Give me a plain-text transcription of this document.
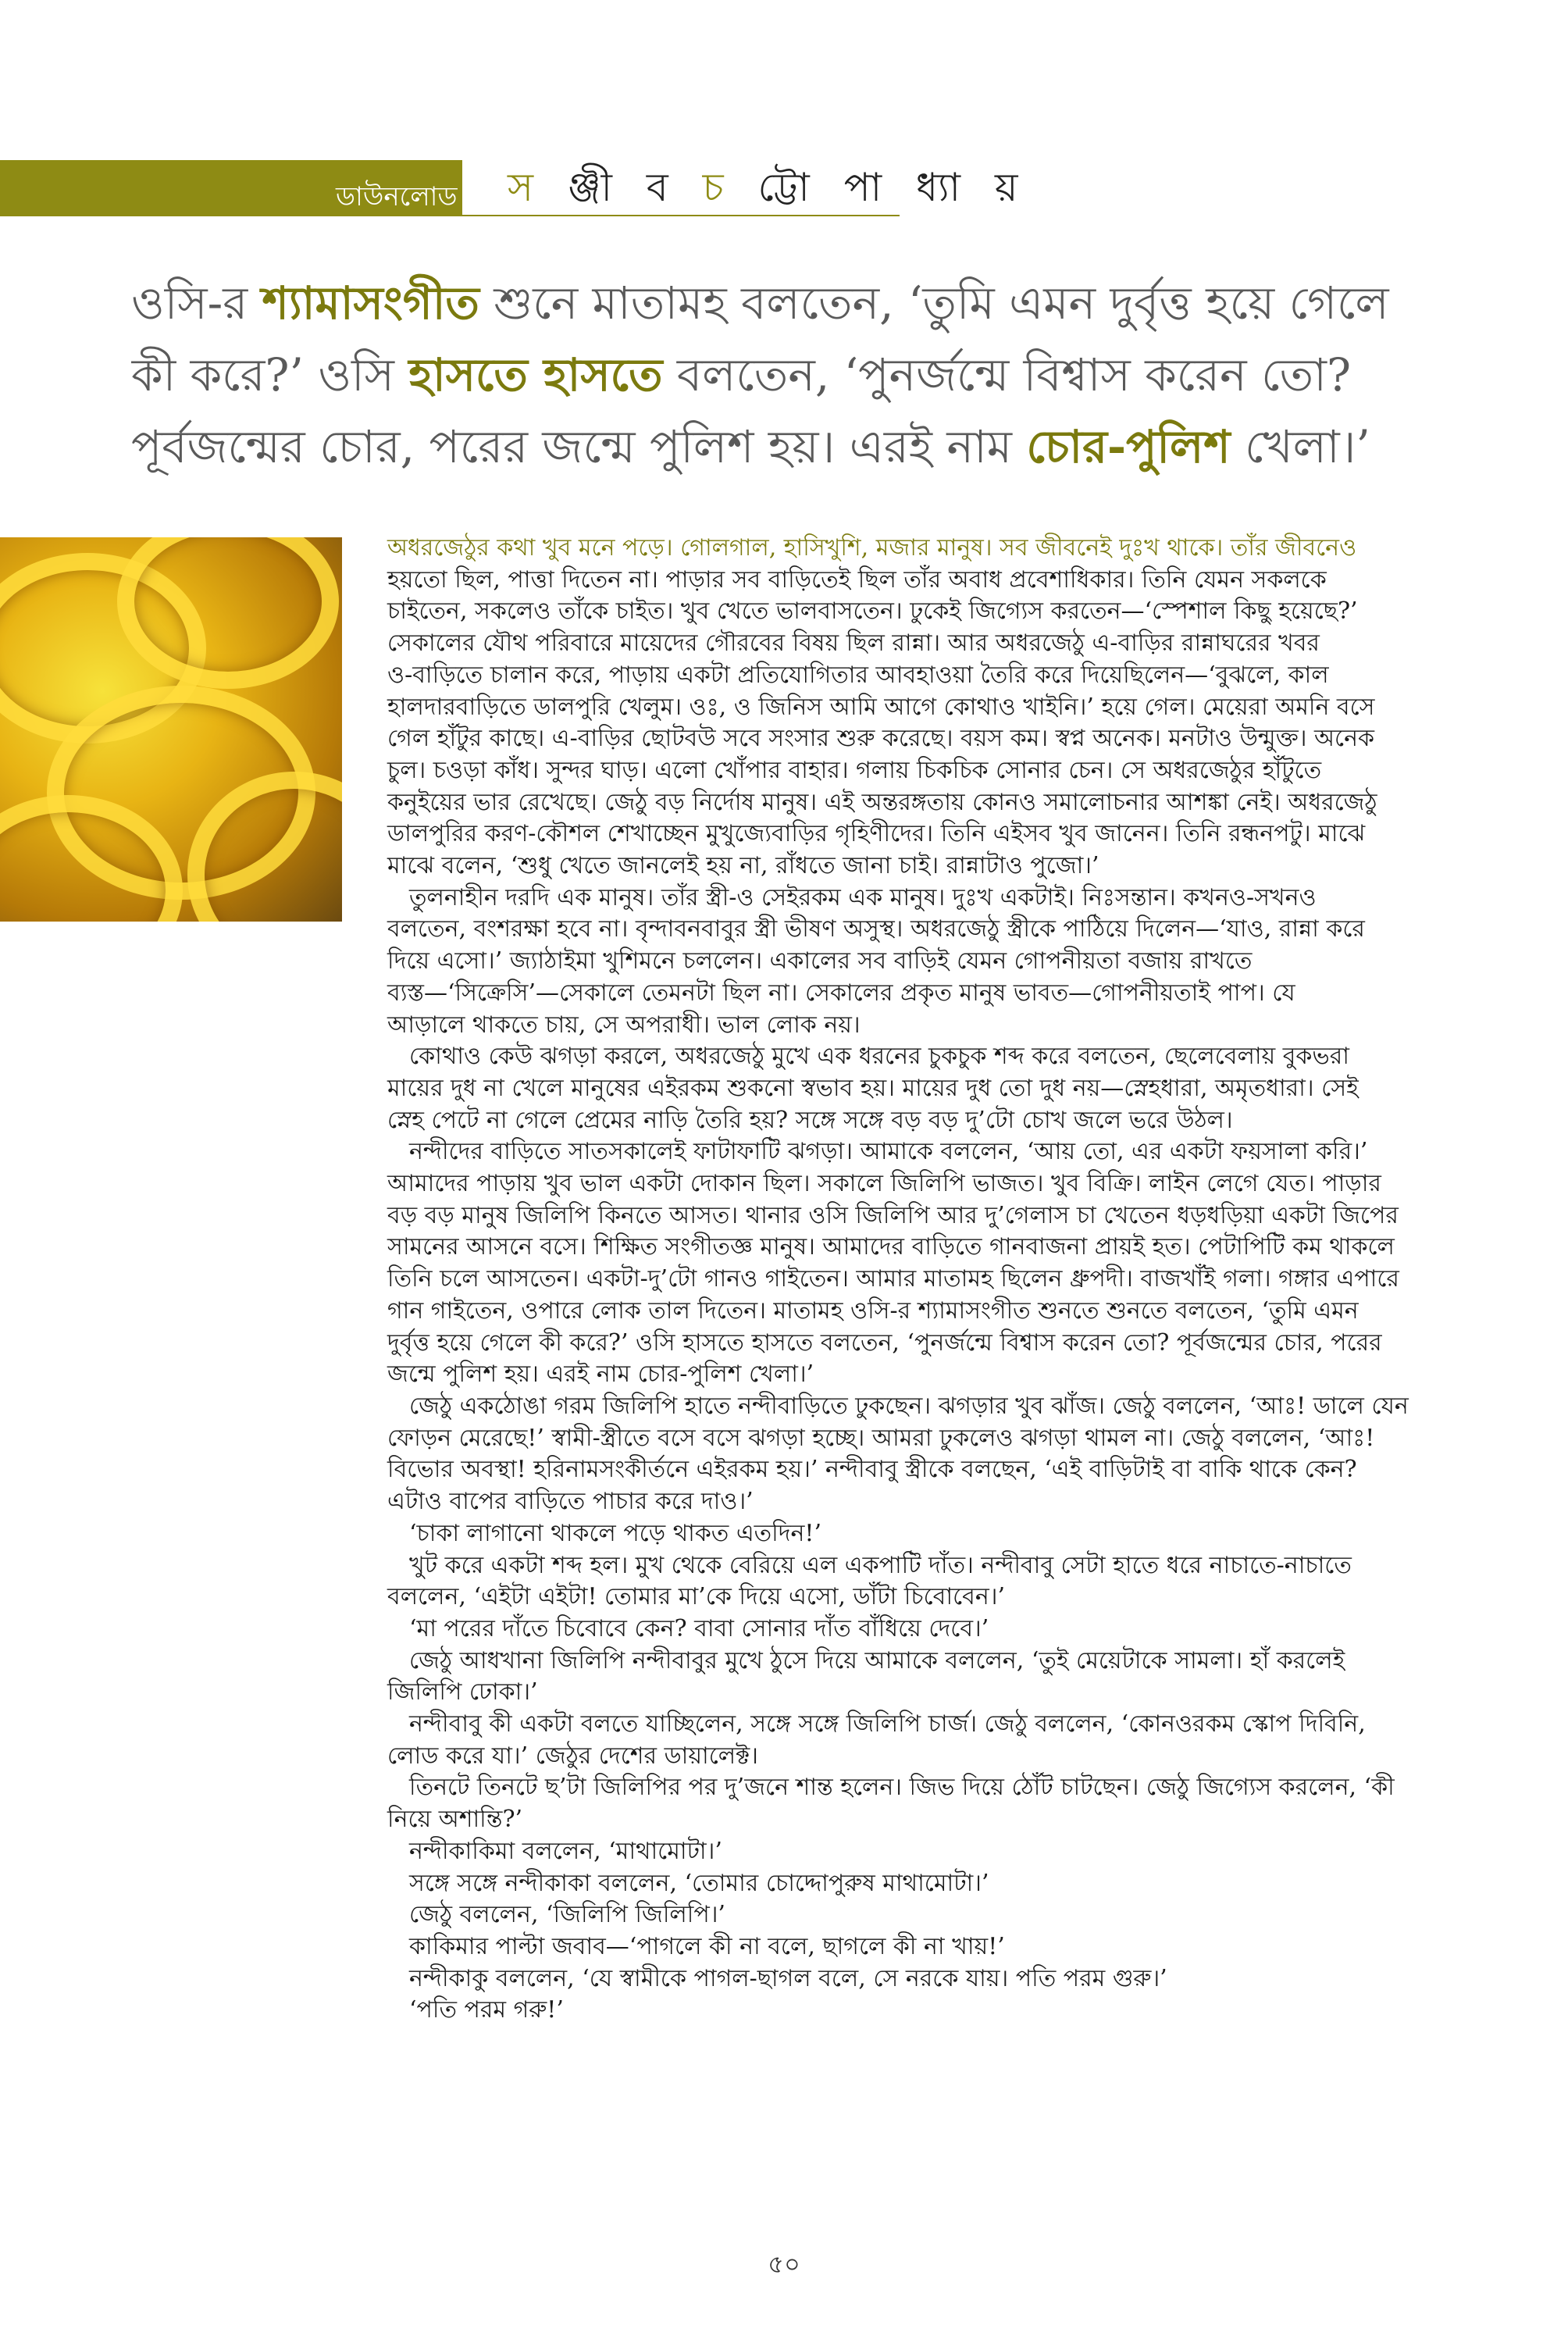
ডাউনলোড স ঞ্জী ব চ ট্টো পা ধ্যা য়
ওসি-র শ্যামাসংগীত শুনে মাতামহ বলতেন, ‘তুমি এমন দুর্বৃত্ত হয়ে গেলে
কী করে?’ ওসি হাসতে হাসতে বলতেন, ‘পুনর্জন্মে বিশ্বাস করেন তো?
পূর্বজন্মের চোর, পরের জন্মে পুলিশ হয়। এরই নাম চোর-পুলিশ খেলা।’
অধরজেঠুর কথা খুব মনে পড়ে। গোলগাল, হাসিখুশি, মজার মানুষ। সব জীবনেই দুঃখ থাকে। তাঁর জীবনেও
হয়তো ছিল, পাত্তা দিতেন না। পাড়ার সব বাড়িতেই ছিল তাঁর অবাধ প্রবেশাধিকার। তিনি যেমন সকলকে
চাইতেন, সকলেও তাঁকে চাইত। খুব খেতে ভালবাসতেন। ঢুকেই জিগ্যেস করতেন—‘স্পেশাল কিছু হয়েছে?’
সেকালের যৌথ পরিবারে মায়েদের গৌরবের বিষয় ছিল রান্না। আর অধরজেঠু এ-বাড়ির রান্নাঘরের খবর
ও-বাড়িতে চালান করে, পাড়ায় একটা প্রতিযোগিতার আবহাওয়া তৈরি করে দিয়েছিলেন—‘বুঝলে, কাল
হালদারবাড়িতে ডালপুরি খেলুম। ওঃ, ও জিনিস আমি আগে কোথাও খাইনি।’ হয়ে গেল। মেয়েরা অমনি বসে
গেল হাঁটুর কাছে। এ-বাড়ির ছোটবউ সবে সংসার শুরু করেছে। বয়স কম। স্বপ্ন অনেক। মনটাও উন্মুক্ত। অনেক
চুল। চওড়া কাঁধ। সুন্দর ঘাড়। এলো খোঁপার বাহার। গলায় চিকচিক সোনার চেন। সে অধরজেঠুর হাঁটুতে
কনুইয়ের ভার রেখেছে। জেঠু বড় নির্দোষ মানুষ। এই অন্তরঙ্গতায় কোনও সমালোচনার আশঙ্কা নেই। অধরজেঠু
ডালপুরির করণ-কৌশল শেখাচ্ছেন মুখুজ্যেবাড়ির গৃহিণীদের। তিনি এইসব খুব জানেন। তিনি রন্ধনপটু। মাঝে
মাঝে বলেন, ‘শুধু খেতে জানলেই হয় না, রাঁধতে জানা চাই। রান্নাটাও পুজো।’
তুলনাহীন দরদি এক মানুষ। তাঁর স্ত্রী-ও সেইরকম এক মানুষ। দুঃখ একটাই। নিঃসন্তান। কখনও-সখনও
বলতেন, বংশরক্ষা হবে না। বৃন্দাবনবাবুর স্ত্রী ভীষণ অসুস্থ। অধরজেঠু স্ত্রীকে পাঠিয়ে দিলেন—‘যাও, রান্না করে
দিয়ে এসো।’ জ্যাঠাইমা খুশিমনে চললেন। একালের সব বাড়িই যেমন গোপনীয়তা বজায় রাখতে
ব্যস্ত—‘সিক্রেসি’—সেকালে তেমনটা ছিল না। সেকালের প্রকৃত মানুষ ভাবত—গোপনীয়তাই পাপ। যে
আড়ালে থাকতে চায়, সে অপরাধী। ভাল লোক নয়।
কোথাও কেউ ঝগড়া করলে, অধরজেঠু মুখে এক ধরনের চুকচুক শব্দ করে বলতেন, ছেলেবেলায় বুকভরা
মায়ের দুধ না খেলে মানুষের এইরকম শুকনো স্বভাব হয়। মায়ের দুধ তো দুধ নয়—স্নেহধারা, অমৃতধারা। সেই
স্নেহ পেটে না গেলে প্রেমের নাড়ি তৈরি হয়? সঙ্গে সঙ্গে বড় বড় দু’টো চোখ জলে ভরে উঠল।
নন্দীদের বাড়িতে সাতসকালেই ফাটাফাটি ঝগড়া। আমাকে বললেন, ‘আয় তো, এর একটা ফয়সালা করি।’
আমাদের পাড়ায় খুব ভাল একটা দোকান ছিল। সকালে জিলিপি ভাজত। খুব বিক্রি। লাইন লেগে যেত। পাড়ার
বড় বড় মানুষ জিলিপি কিনতে আসত। থানার ওসি জিলিপি আর দু’গেলাস চা খেতেন ধড়ধড়িয়া একটা জিপের
সামনের আসনে বসে। শিক্ষিত সংগীতজ্ঞ মানুষ। আমাদের বাড়িতে গানবাজনা প্রায়ই হত। পেটাপিটি কম থাকলে
তিনি চলে আসতেন। একটা-দু’টো গানও গাইতেন। আমার মাতামহ ছিলেন ধ্রুপদী। বাজখাঁই গলা। গঙ্গার এপারে
গান গাইতেন, ওপারে লোক তাল দিতেন। মাতামহ ওসি-র শ্যামাসংগীত শুনতে শুনতে বলতেন, ‘তুমি এমন
দুর্বৃত্ত হয়ে গেলে কী করে?’ ওসি হাসতে হাসতে বলতেন, ‘পুনর্জন্মে বিশ্বাস করেন তো? পূর্বজন্মের চোর, পরের
জন্মে পুলিশ হয়। এরই নাম চোর-পুলিশ খেলা।’
জেঠু একঠোঙা গরম জিলিপি হাতে নন্দীবাড়িতে ঢুকছেন। ঝগড়ার খুব ঝাঁজ। জেঠু বললেন, ‘আঃ! ডালে যেন
ফোড়ন মেরেছে!’ স্বামী-স্ত্রীতে বসে বসে ঝগড়া হচ্ছে। আমরা ঢুকলেও ঝগড়া থামল না। জেঠু বললেন, ‘আঃ!
বিভোর অবস্থা! হরিনামসংকীর্তনে এইরকম হয়।’ নন্দীবাবু স্ত্রীকে বলছেন, ‘এই বাড়িটাই বা বাকি থাকে কেন?
এটাও বাপের বাড়িতে পাচার করে দাও।’
‘চাকা লাগানো থাকলে পড়ে থাকত এতদিন!’
খুট করে একটা শব্দ হল। মুখ থেকে বেরিয়ে এল একপাটি দাঁত। নন্দীবাবু সেটা হাতে ধরে নাচাতে-নাচাতে
বললেন, ‘এইটা এইটা! তোমার মা’কে দিয়ে এসো, ডাঁটা চিবোবেন।’
‘মা পরের দাঁতে চিবোবে কেন? বাবা সোনার দাঁত বাঁধিয়ে দেবে।’
জেঠু আধখানা জিলিপি নন্দীবাবুর মুখে ঠুসে দিয়ে আমাকে বললেন, ‘তুই মেয়েটাকে সামলা। হাঁ করলেই
জিলিপি ঢোকা।’
নন্দীবাবু কী একটা বলতে যাচ্ছিলেন, সঙ্গে সঙ্গে জিলিপি চার্জ। জেঠু বললেন, ‘কোনওরকম স্কোপ দিবিনি,
লোড করে যা।’ জেঠুর দেশের ডায়ালেক্ট।
তিনটে তিনটে ছ’টা জিলিপির পর দু’জনে শান্ত হলেন। জিভ দিয়ে ঠোঁট চাটছেন। জেঠু জিগ্যেস করলেন, ‘কী
নিয়ে অশান্তি?’
নন্দীকাকিমা বললেন, ‘মাথামোটা।’
সঙ্গে সঙ্গে নন্দীকাকা বললেন, ‘তোমার চোদ্দোপুরুষ মাথামোটা।’
জেঠু বললেন, ‘জিলিপি জিলিপি।’
কাকিমার পাল্টা জবাব—‘পাগলে কী না বলে, ছাগলে কী না খায়!’
নন্দীকাকু বললেন, ‘যে স্বামীকে পাগল-ছাগল বলে, সে নরকে যায়। পতি পরম গুরু।’
‘পতি পরম গরু!’
৫০
